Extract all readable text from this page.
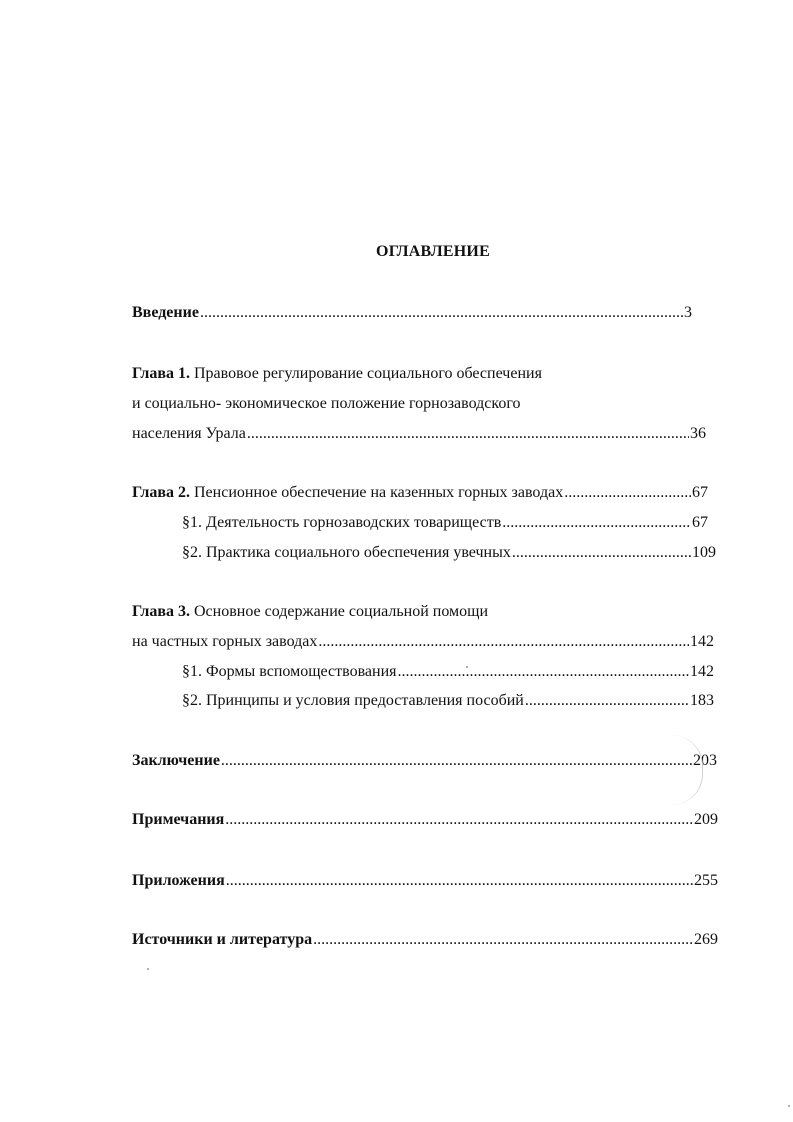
ОГЛАВЛЕНИЕ
Введение .....	3
Глава 1. Правовое регулирование социального обеспечения
и социально- экономическое положение горнозаводского
населения Урала .....	36
Глава 2. Пенсионное обеспечение на казенных горных заводах .....	67
§1. Деятельность горнозаводских товариществ .....	67
§2. Практика социального обеспечения увечных .....	109
Глава 3. Основное содержание социальной помощи
на частных горных заводах .....	142
§1. Формы вспомоществования .....	142
§2. Принципы и условия предоставления пособий .....	183
Заключение .....	203
Примечания .....	209
Приложения .....	255
Источники и литература .....	269
